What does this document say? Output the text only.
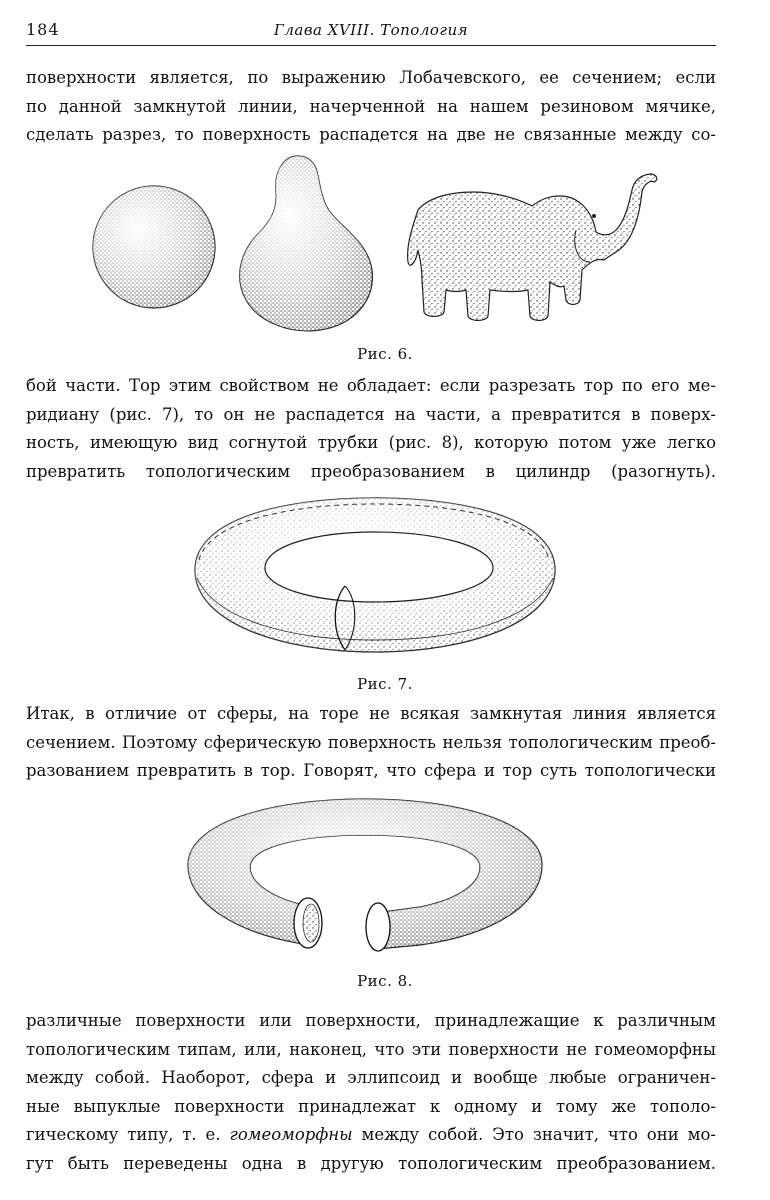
184	Глава XVIII. Топология
поверхности является, по выражению Лобачевского, ее сечением; если
по данной замкнутой линии, начерченной на нашем резиновом мячике,
сделать разрез, то поверхность распадется на две не связанные между со-
Рис. 6.
бой части. Тор этим свойством не обладает: если разрезать тор по его ме-
ридиану (рис. 7), то он не распадется на части, а превратится в поверх-
ность, имеющую вид согнутой трубки (рис. 8), которую потом уже легко
превратить топологическим преобразованием в цилиндр (разогнуть).
Рис. 7.
Итак, в отличие от сферы, на торе не всякая замкнутая линия является
сечением. Поэтому сферическую поверхность нельзя топологическим преоб-
разованием превратить в тор. Говорят, что сфера и тор суть топологически
Рис. 8.
различные поверхности или поверхности, принадлежащие к различным
топологическим типам, или, наконец, что эти поверхности не гомеоморфны
между собой. Наоборот, сфера и эллипсоид и вообще любые ограничен-
ные выпуклые поверхности принадлежат к одному и тому же тополо-
гическому типу, т. е. гомеоморфны между собой. Это значит, что они мо-
гут быть переведены одна в другую топологическим преобразованием.
